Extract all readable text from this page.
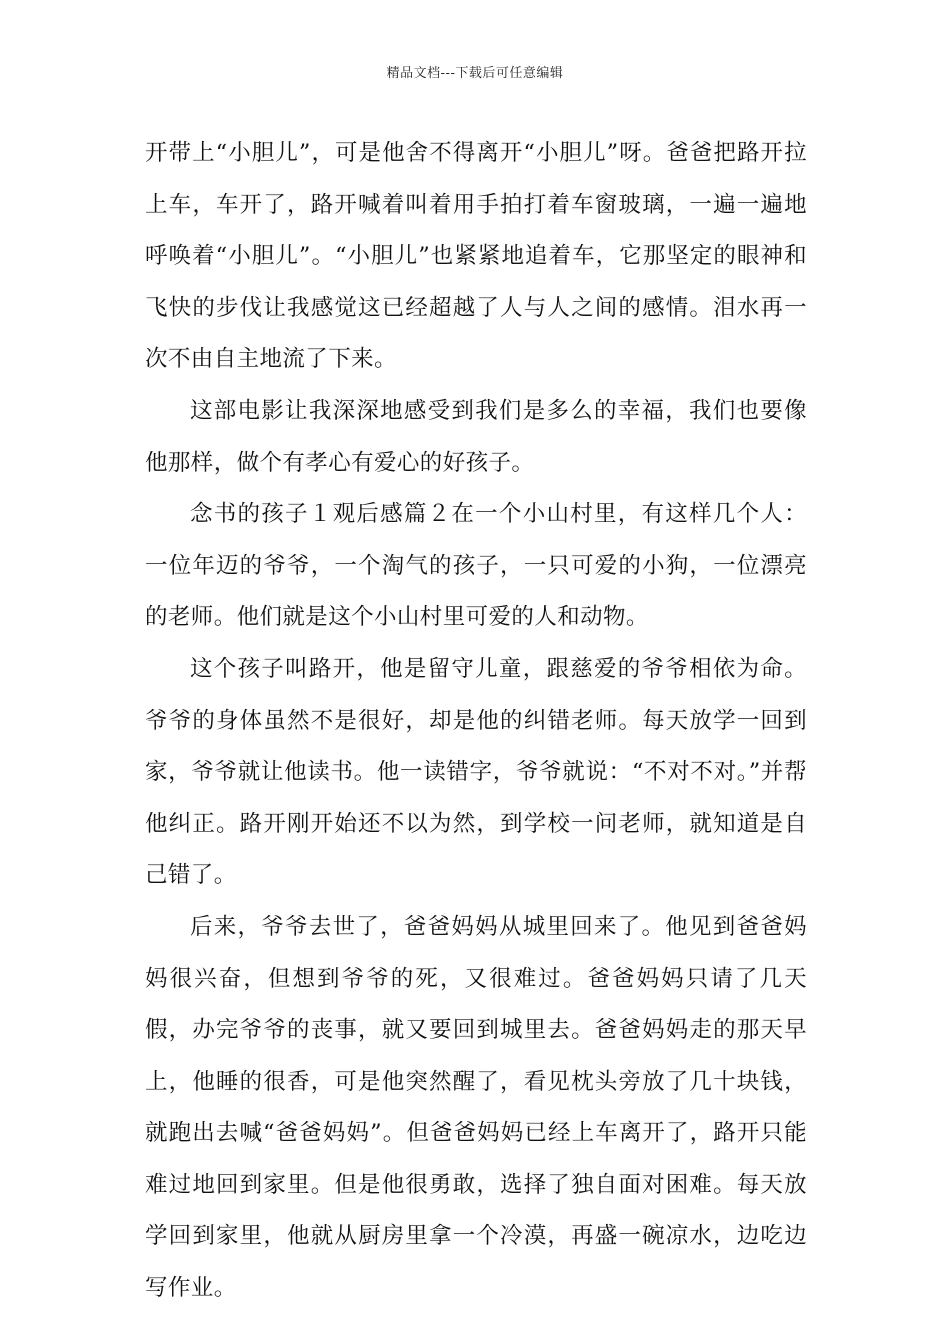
精品文档---下载后可任意编辑

开带上“小胆儿”，可是他舍不得离开“小胆儿”呀。爸爸把路开拉上车，车开了，路开喊着叫着用手拍打着车窗玻璃，一遍一遍地呼唤着“小胆儿”。“小胆儿”也紧紧地追着车，它那坚定的眼神和飞快的步伐让我感觉这已经超越了人与人之间的感情。泪水再一次不由自主地流了下来。

这部电影让我深深地感受到我们是多么的幸福，我们也要像他那样，做个有孝心有爱心的好孩子。

念书的孩子１观后感篇２在一个小山村里，有这样几个人：一位年迈的爷爷，一个淘气的孩子，一只可爱的小狗，一位漂亮的老师。他们就是这个小山村里可爱的人和动物。

这个孩子叫路开，他是留守儿童，跟慈爱的爷爷相依为命。爷爷的身体虽然不是很好，却是他的纠错老师。每天放学一回到家，爷爷就让他读书。他一读错字，爷爷就说：“不对不对。”并帮他纠正。路开刚开始还不以为然，到学校一问老师，就知道是自己错了。

后来，爷爷去世了，爸爸妈妈从城里回来了。他见到爸爸妈妈很兴奋，但想到爷爷的死，又很难过。爸爸妈妈只请了几天假，办完爷爷的丧事，就又要回到城里去。爸爸妈妈走的那天早上，他睡的很香，可是他突然醒了，看见枕头旁放了几十块钱，就跑出去喊“爸爸妈妈”。但爸爸妈妈已经上车离开了，路开只能难过地回到家里。但是他很勇敢，选择了独自面对困难。每天放学回到家里，他就从厨房里拿一个冷漠，再盛一碗凉水，边吃边写作业。
